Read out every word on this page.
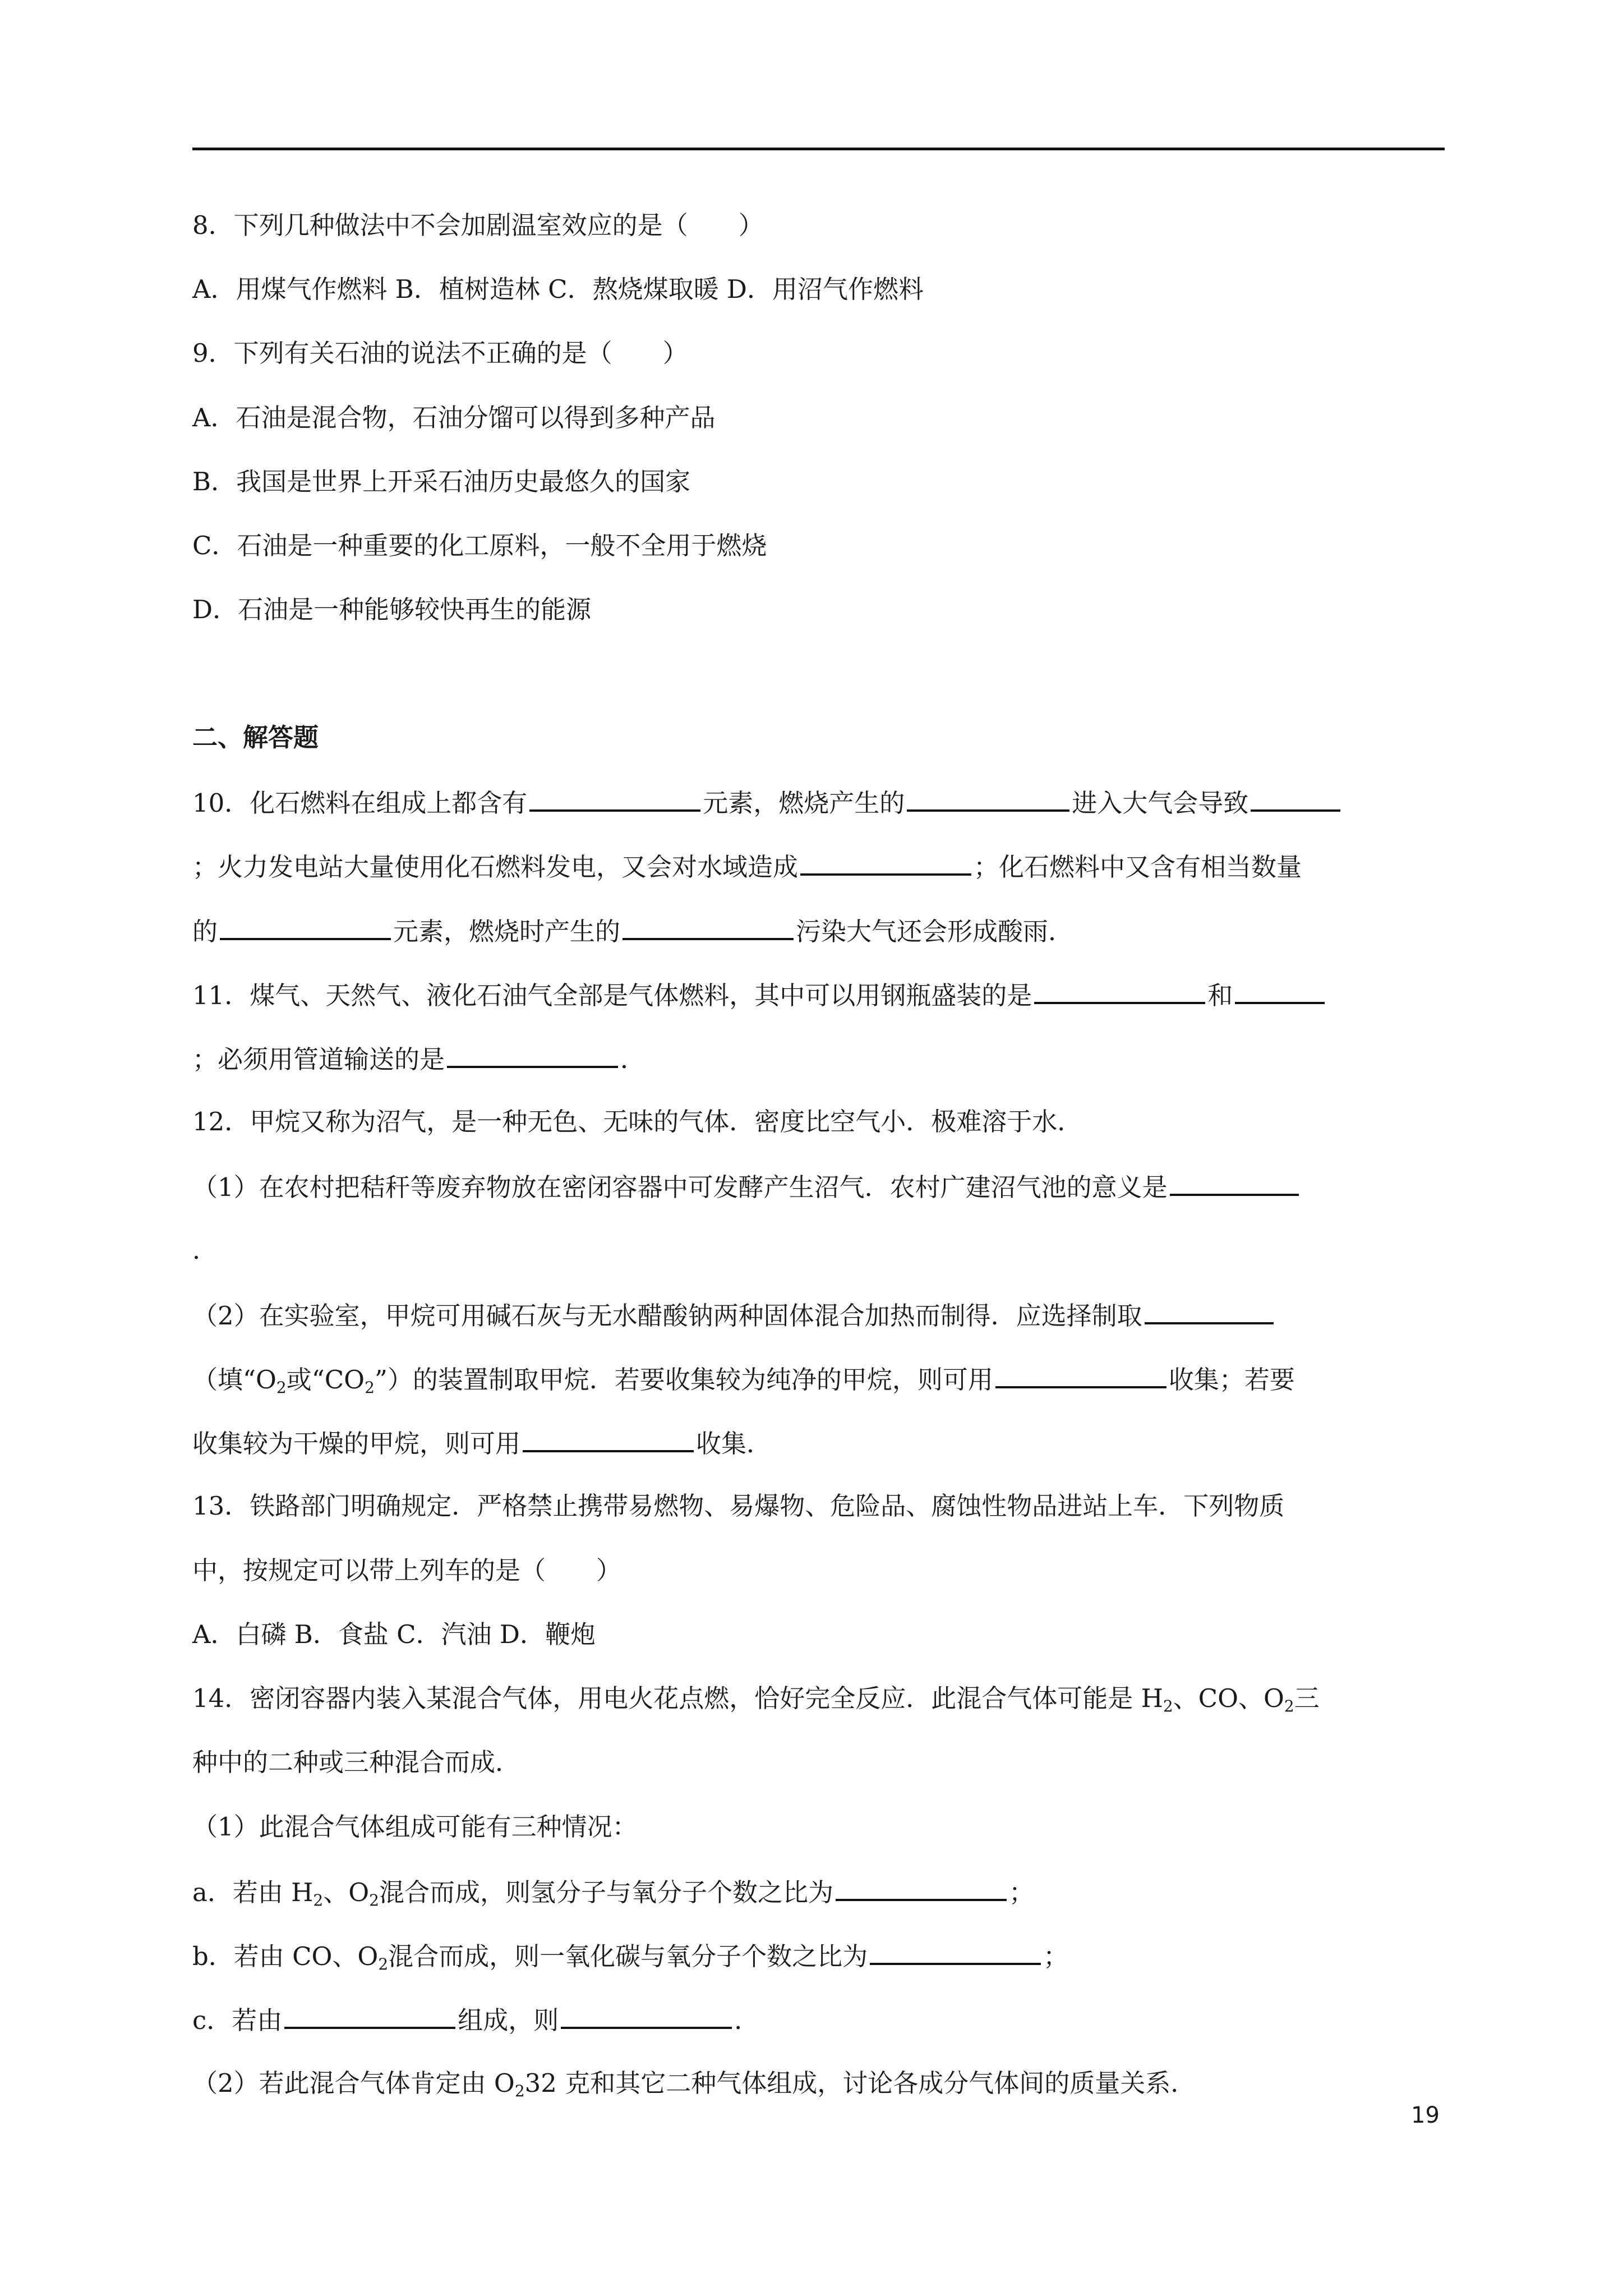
8．下列几种做法中不会加剧温室效应的是（　　）
A．用煤气作燃料 B．植树造林 C．熬烧煤取暖 D．用沼气作燃料
9．下列有关石油的说法不正确的是（　　）
A．石油是混合物，石油分馏可以得到多种产品
B．我国是世界上开采石油历史最悠久的国家
C．石油是一种重要的化工原料，一般不全用于燃烧
D．石油是一种能够较快再生的能源
二、解答题
10．化石燃料在组成上都含有	元素，燃烧产生的	进入大气会导致
；火力发电站大量使用化石燃料发电，又会对水域造成	；化石燃料中又含有相当数量
的	元素，燃烧时产生的	污染大气还会形成酸雨．
11．煤气、天然气、液化石油气全部是气体燃料，其中可以用钢瓶盛装的是	和
；必须用管道输送的是	．
12．甲烷又称为沼气，是一种无色、无味的气体．密度比空气小．极难溶于水．
（1）在农村把秸秆等废弃物放在密闭容器中可发酵产生沼气．农村广建沼气池的意义是
．
（2）在实验室，甲烷可用碱石灰与无水醋酸钠两种固体混合加热而制得．应选择制取
（填“$O_2$或“$CO_2$”）的装置制取甲烷．若要收集较为纯净的甲烷，则可用	收集；若要
收集较为干燥的甲烷，则可用	收集．
13．铁路部门明确规定．严格禁止携带易燃物、易爆物、危险品、腐蚀性物品进站上车．下列物质
中，按规定可以带上列车的是（　　）
A．白磷 B．食盐 C．汽油 D．鞭炮
14．密闭容器内装入某混合气体，用电火花点燃，恰好完全反应．此混合气体可能是 $H_2$、CO、$O_2$三
种中的二种或三种混合而成．
（1）此混合气体组成可能有三种情况：
a．若由 $H_2$、$O_2$混合而成，则氢分子与氧分子个数之比为	；
b．若由 CO、$O_2$混合而成，则一氧化碳与氧分子个数之比为	；
c．若由	组成，则	．
（2）若此混合气体肯定由 $O_232$ 克和其它二种气体组成，讨论各成分气体间的质量关系．
19
